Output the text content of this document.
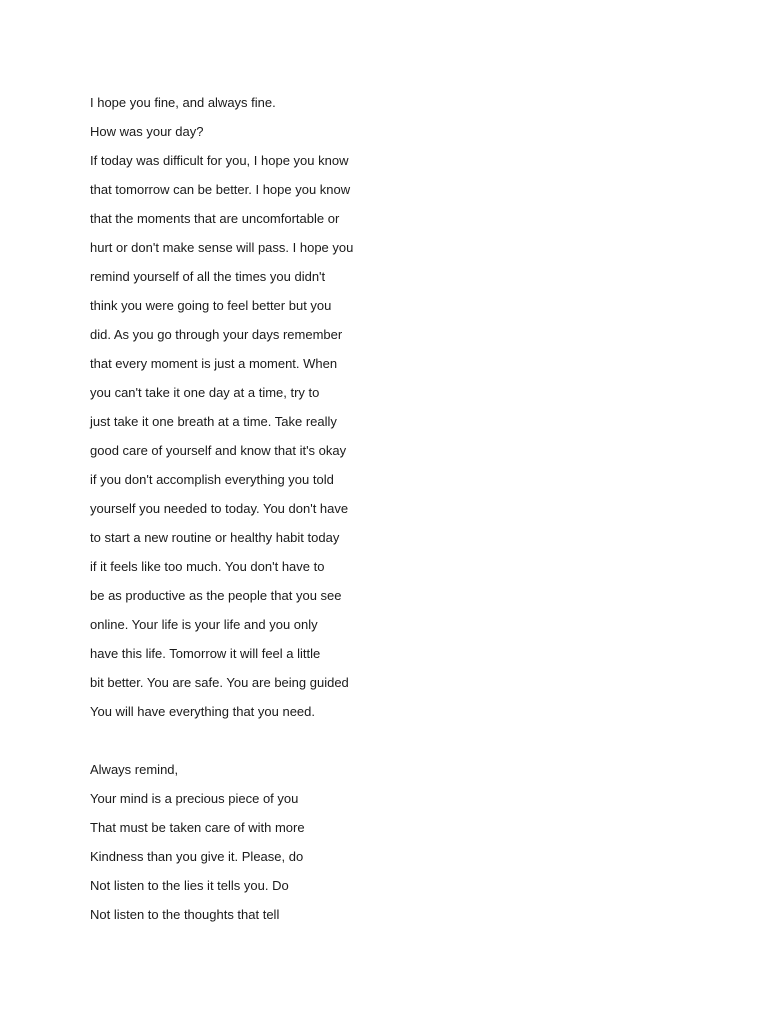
I hope you fine, and always fine.
How was your day?
If today was difficult for you, I hope you know
that tomorrow can be better. I hope you know
that the moments that are uncomfortable or
hurt or don't make sense will pass. I hope you
remind yourself of all the times you didn't
think you were going to feel better but you
did. As you go through your days remember
that every moment is just a moment. When
you can't take it one day at a time, try to
just take it one breath at a time. Take really
good care of yourself and know that it's okay
if you don't accomplish everything you told
yourself you needed to today. You don't have
to start a new routine or healthy habit today
if it feels like too much. You don't have to
be as productive as the people that you see
online. Your life is your life and you only
have this life. Tomorrow it will feel a little
bit better. You are safe. You are being guided
You will have everything that you need.
Always remind,
Your mind is a precious piece of you
That must be taken care of with more
Kindness than you give it. Please, do
Not listen to the lies it tells you. Do
Not listen to the thoughts that tell
